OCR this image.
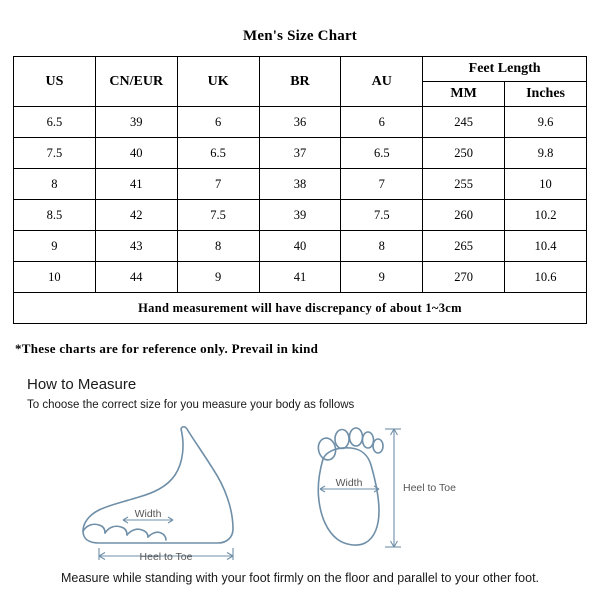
Men's Size Chart
US	CN/EUR	UK	BR	AU	Feet Length	
					MM	Inches
6.5	39	6	36	6	245	9.6
7.5	40	6.5	37	6.5	250	9.8
8	41	7	38	7	255	10
8.5	42	7.5	39	7.5	260	10.2
9	43	8	40	8	265	10.4
10	44	9	41	9	270	10.6
Hand measurement will have discrepancy of about 1~3cm						
*These charts are for reference only. Prevail in kind
How to Measure
To choose the correct size for you measure your body as follows
Width
Heel to Toe
Width	Heel to Toe
Measure while standing with your foot firmly on the floor and parallel to your other foot.
